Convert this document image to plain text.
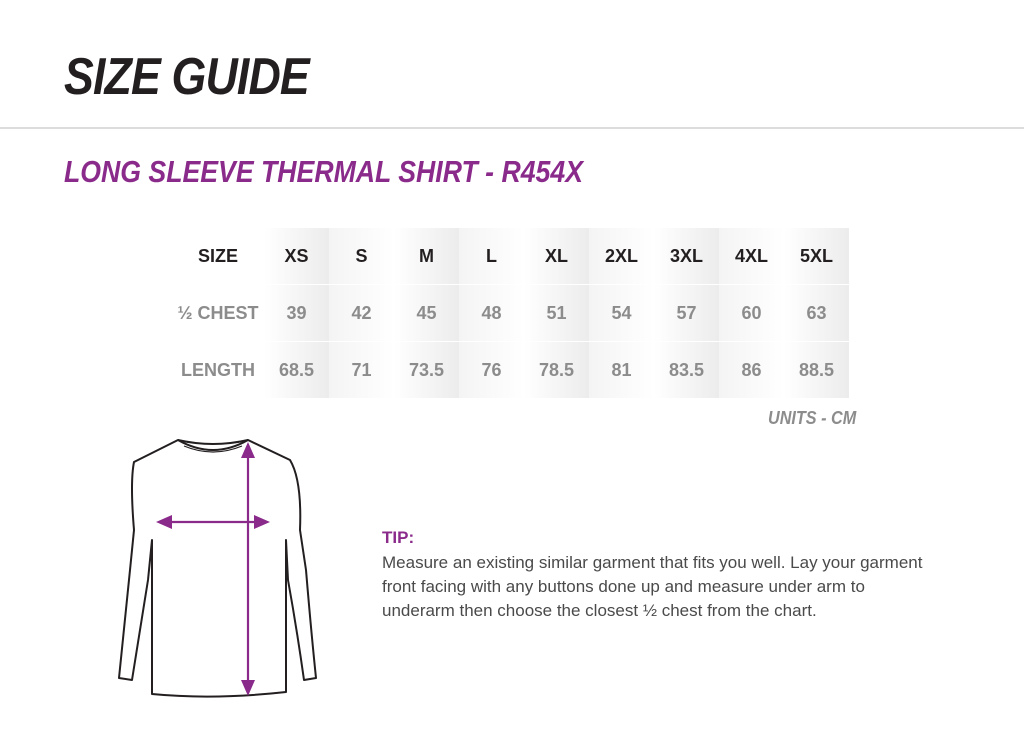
SIZE GUIDE
LONG SLEEVE THERMAL SHIRT - R454X
SIZE	XS	S	M	L	XL	2XL	3XL	4XL	5XL
½ CHEST	39	42	45	48	51	54	57	60	63
LENGTH	68.5	71	73.5	76	78.5	81	83.5	86	88.5
UNITS - CM

TIP:

Measure an existing similar garment that fits you well. Lay your garment front facing with any buttons done up and measure under arm to underarm then choose the closest ½ chest from the chart.
